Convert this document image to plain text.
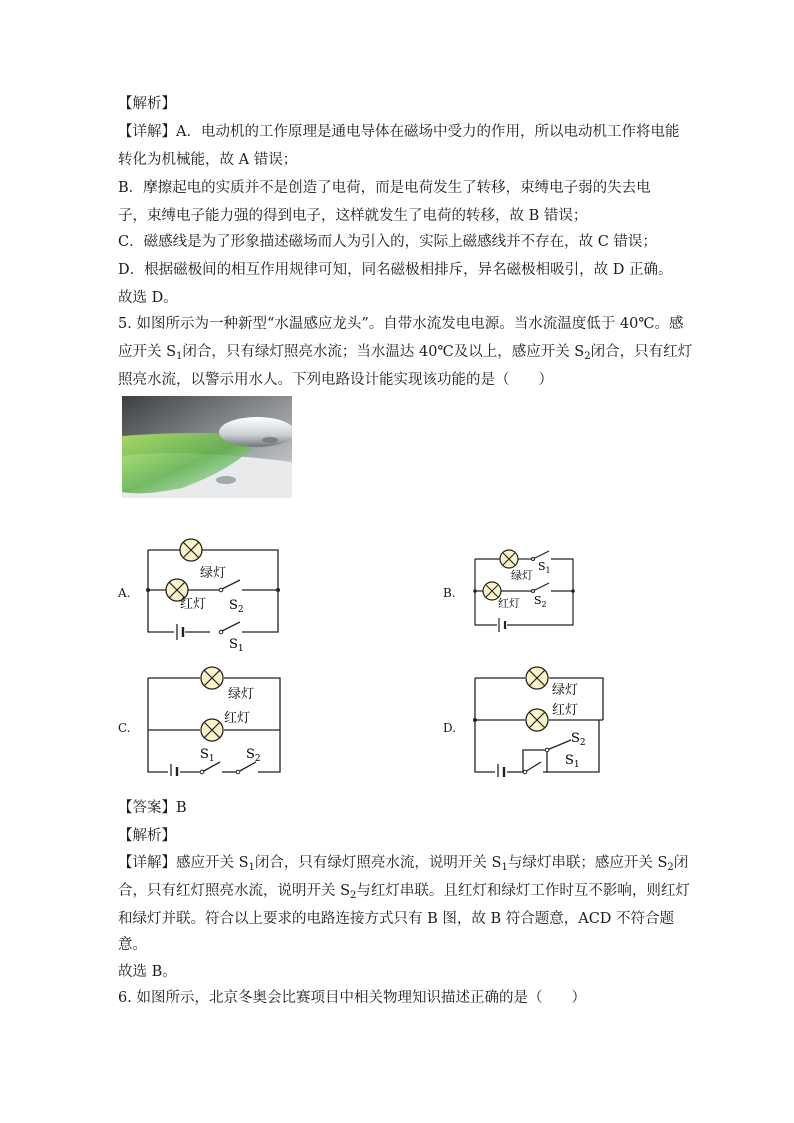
【解析】
【详解】A．电动机的工作原理是通电导体在磁场中受力的作用，所以电动机工作将电能
转化为机械能，故 A 错误；
B．摩擦起电的实质并不是创造了电荷，而是电荷发生了转移，束缚电子弱的失去电
子，束缚电子能力强的得到电子，这样就发生了电荷的转移，故 B 错误；
C．磁感线是为了形象描述磁场而人为引入的，实际上磁感线并不存在，故 C 错误；
D．根据磁极间的相互作用规律可知，同名磁极相排斥，异名磁极相吸引，故 D 正确。
故选 D。
5. 如图所示为一种新型“水温感应龙头”。自带水流发电电源。当水流温度低于 40℃。感
应开关 $S_1$闭合，只有绿灯照亮水流；当水温达 40℃及以上，感应开关 $S_2$闭合，只有红灯
照亮水流，以警示用水人。下列电路设计能实现该功能的是（　　）
A.
绿灯
红灯 $S_2$
$S_1$
B.
绿灯
红灯
$S_1$
$S_2$
C.
绿灯
红灯
$S_1$ $S_2$
D.
绿灯
红灯
$S_2$
$S_1$
【答案】B
【解析】
【详解】感应开关 $S_1$闭合，只有绿灯照亮水流，说明开关 $S_1$与绿灯串联；感应开关 $S_2$闭
合，只有红灯照亮水流，说明开关 $S_2$与红灯串联。且红灯和绿灯工作时互不影响，则红灯
和绿灯并联。符合以上要求的电路连接方式只有 B 图，故 B 符合题意，ACD 不符合题
意。
故选 B。
6. 如图所示，北京冬奥会比赛项目中相关物理知识描述正确的是（　　）
